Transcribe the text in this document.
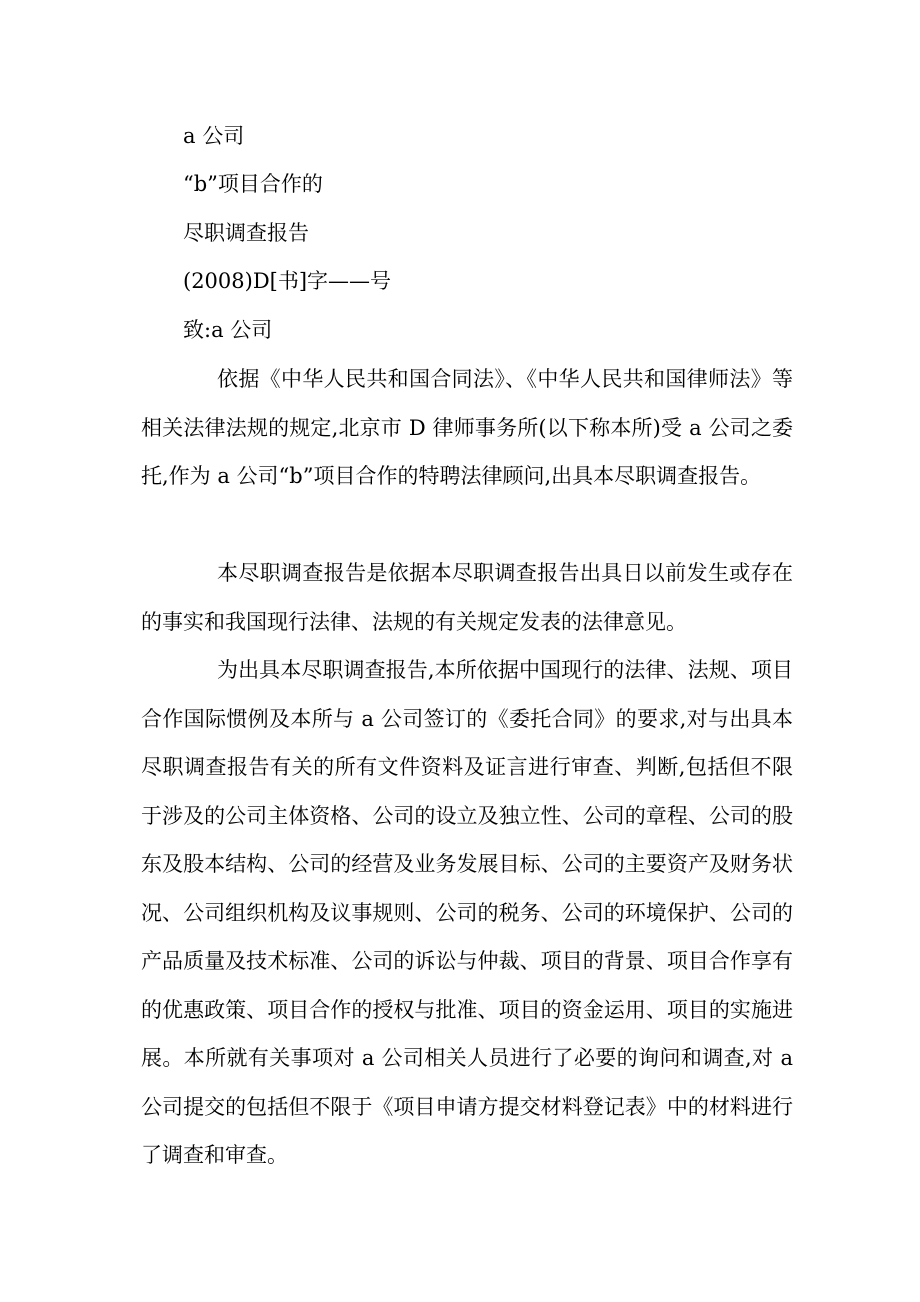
a 公司
“b”项目合作的
尽职调查报告
(2008)D[书]字——号
致:a 公司

依据《中华人民共和国合同法》、《中华人民共和国律师法》等相关法律法规的规定,北京市 D 律师事务所(以下称本所)受 a 公司之委托,作为 a 公司“b”项目合作的特聘法律顾问,出具本尽职调查报告。

本尽职调查报告是依据本尽职调查报告出具日以前发生或存在的事实和我国现行法律、法规的有关规定发表的法律意见。

为出具本尽职调查报告,本所依据中国现行的法律、法规、项目合作国际惯例及本所与 a 公司签订的《委托合同》的要求,对与出具本尽职调查报告有关的所有文件资料及证言进行审查、判断,包括但不限于涉及的公司主体资格、公司的设立及独立性、公司的章程、公司的股东及股本结构、公司的经营及业务发展目标、公司的主要资产及财务状况、公司组织机构及议事规则、公司的税务、公司的环境保护、公司的产品质量及技术标准、公司的诉讼与仲裁、项目的背景、项目合作享有的优惠政策、项目合作的授权与批准、项目的资金运用、项目的实施进展。本所就有关事项对 a 公司相关人员进行了必要的询问和调查,对 a 公司提交的包括但不限于《项目申请方提交材料登记表》中的材料进行了调查和审查。
